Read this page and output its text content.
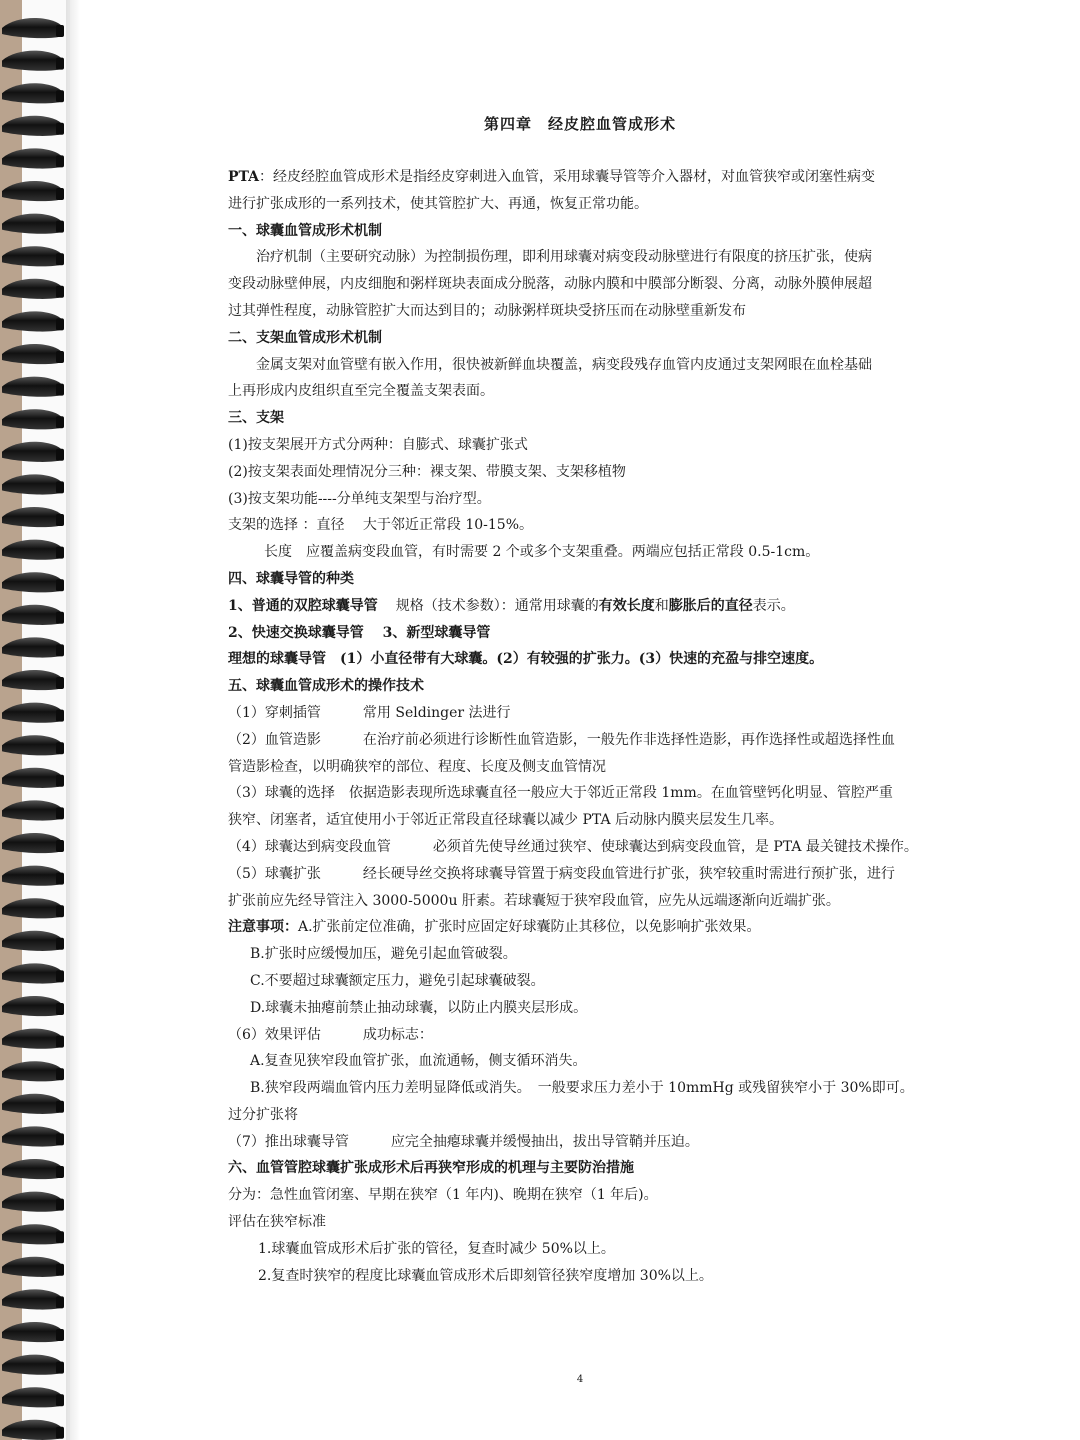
第四章　经皮腔血管成形术
PTA：经皮经腔血管成形术是指经皮穿刺进入血管，采用球囊导管等介入器材，对血管狭窄或闭塞性病变
进行扩张成形的一系列技术，使其管腔扩大、再通，恢复正常功能。
一、球囊血管成形术机制
治疗机制（主要研究动脉）为控制损伤理，即利用球囊对病变段动脉壁进行有限度的挤压扩张，使病
变段动脉壁伸展，内皮细胞和粥样斑块表面成分脱落，动脉内膜和中膜部分断裂、分离，动脉外膜伸展超
过其弹性程度，动脉管腔扩大而达到目的；动脉粥样斑块受挤压而在动脉壁重新发布
二、支架血管成形术机制
金属支架对血管壁有嵌入作用，很快被新鲜血块覆盖，病变段残存血管内皮通过支架网眼在血栓基础
上再形成内皮组织直至完全覆盖支架表面。
三、支架
(1)按支架展开方式分两种：自膨式、球囊扩张式
(2)按支架表面处理情况分三种：裸支架、带膜支架、支架移植物
(3)按支架功能----分单纯支架型与治疗型。
支架的选择 ：直径　 大于邻近正常段 10-15%。
长度　应覆盖病变段血管，有时需要 2 个或多个支架重叠。两端应包括正常段 0.5-1cm。
四、球囊导管的种类
1、普通的双腔球囊导管 规格（技术参数）：通常用球囊的有效长度和膨胀后的直径表示。
2、快速交换球囊导管　 3、新型球囊导管
理想的球囊导管　(1）小直径带有大球囊。(2）有较强的扩张力。(3）快速的充盈与排空速度。
五、球囊血管成形术的操作技术
（1）穿刺插管　　　常用 Seldinger 法进行
（2）血管造影　　　在治疗前必须进行诊断性血管造影，一般先作非选择性造影，再作选择性或超选择性血
管造影检查，以明确狭窄的部位、程度、长度及侧支血管情况
（3）球囊的选择　依据造影表现所选球囊直径一般应大于邻近正常段 1mm。在血管壁钙化明显、管腔严重
狭窄、闭塞者，适宜使用小于邻近正常段直径球囊以减少 PTA 后动脉内膜夹层发生几率。
（4）球囊达到病变段血管　　　必须首先使导丝通过狭窄、使球囊达到病变段血管，是 PTA 最关键技术操作。
（5）球囊扩张　　　经长硬导丝交换将球囊导管置于病变段血管进行扩张，狭窄较重时需进行预扩张，进行
扩张前应先经导管注入 3000-5000u 肝素。若球囊短于狭窄段血管，应先从远端逐渐向近端扩张。
注意事项：A.扩张前定位准确，扩张时应固定好球囊防止其移位，以免影响扩张效果。
B.扩张时应缓慢加压，避免引起血管破裂。
C.不要超过球囊额定压力，避免引起球囊破裂。
D.球囊未抽瘪前禁止抽动球囊，以防止内膜夹层形成。
（6）效果评估　　　成功标志：
A.复查见狭窄段血管扩张，血流通畅，侧支循环消失。
B.狭窄段两端血管内压力差明显降低或消失。　一般要求压力差小于 10mmHg 或残留狭窄小于 30%即可。
过分扩张将
（7）推出球囊导管　　　应完全抽瘪球囊并缓慢抽出，拔出导管鞘并压迫。
六、血管管腔球囊扩张成形术后再狭窄形成的机理与主要防治措施
分为：急性血管闭塞、早期在狭窄（1 年内)、晚期在狭窄（1 年后)。
评估在狭窄标准
1.球囊血管成形术后扩张的管径，复查时减少 50%以上。
2.复查时狭窄的程度比球囊血管成形术后即刻管径狭窄度增加 30%以上。
4
